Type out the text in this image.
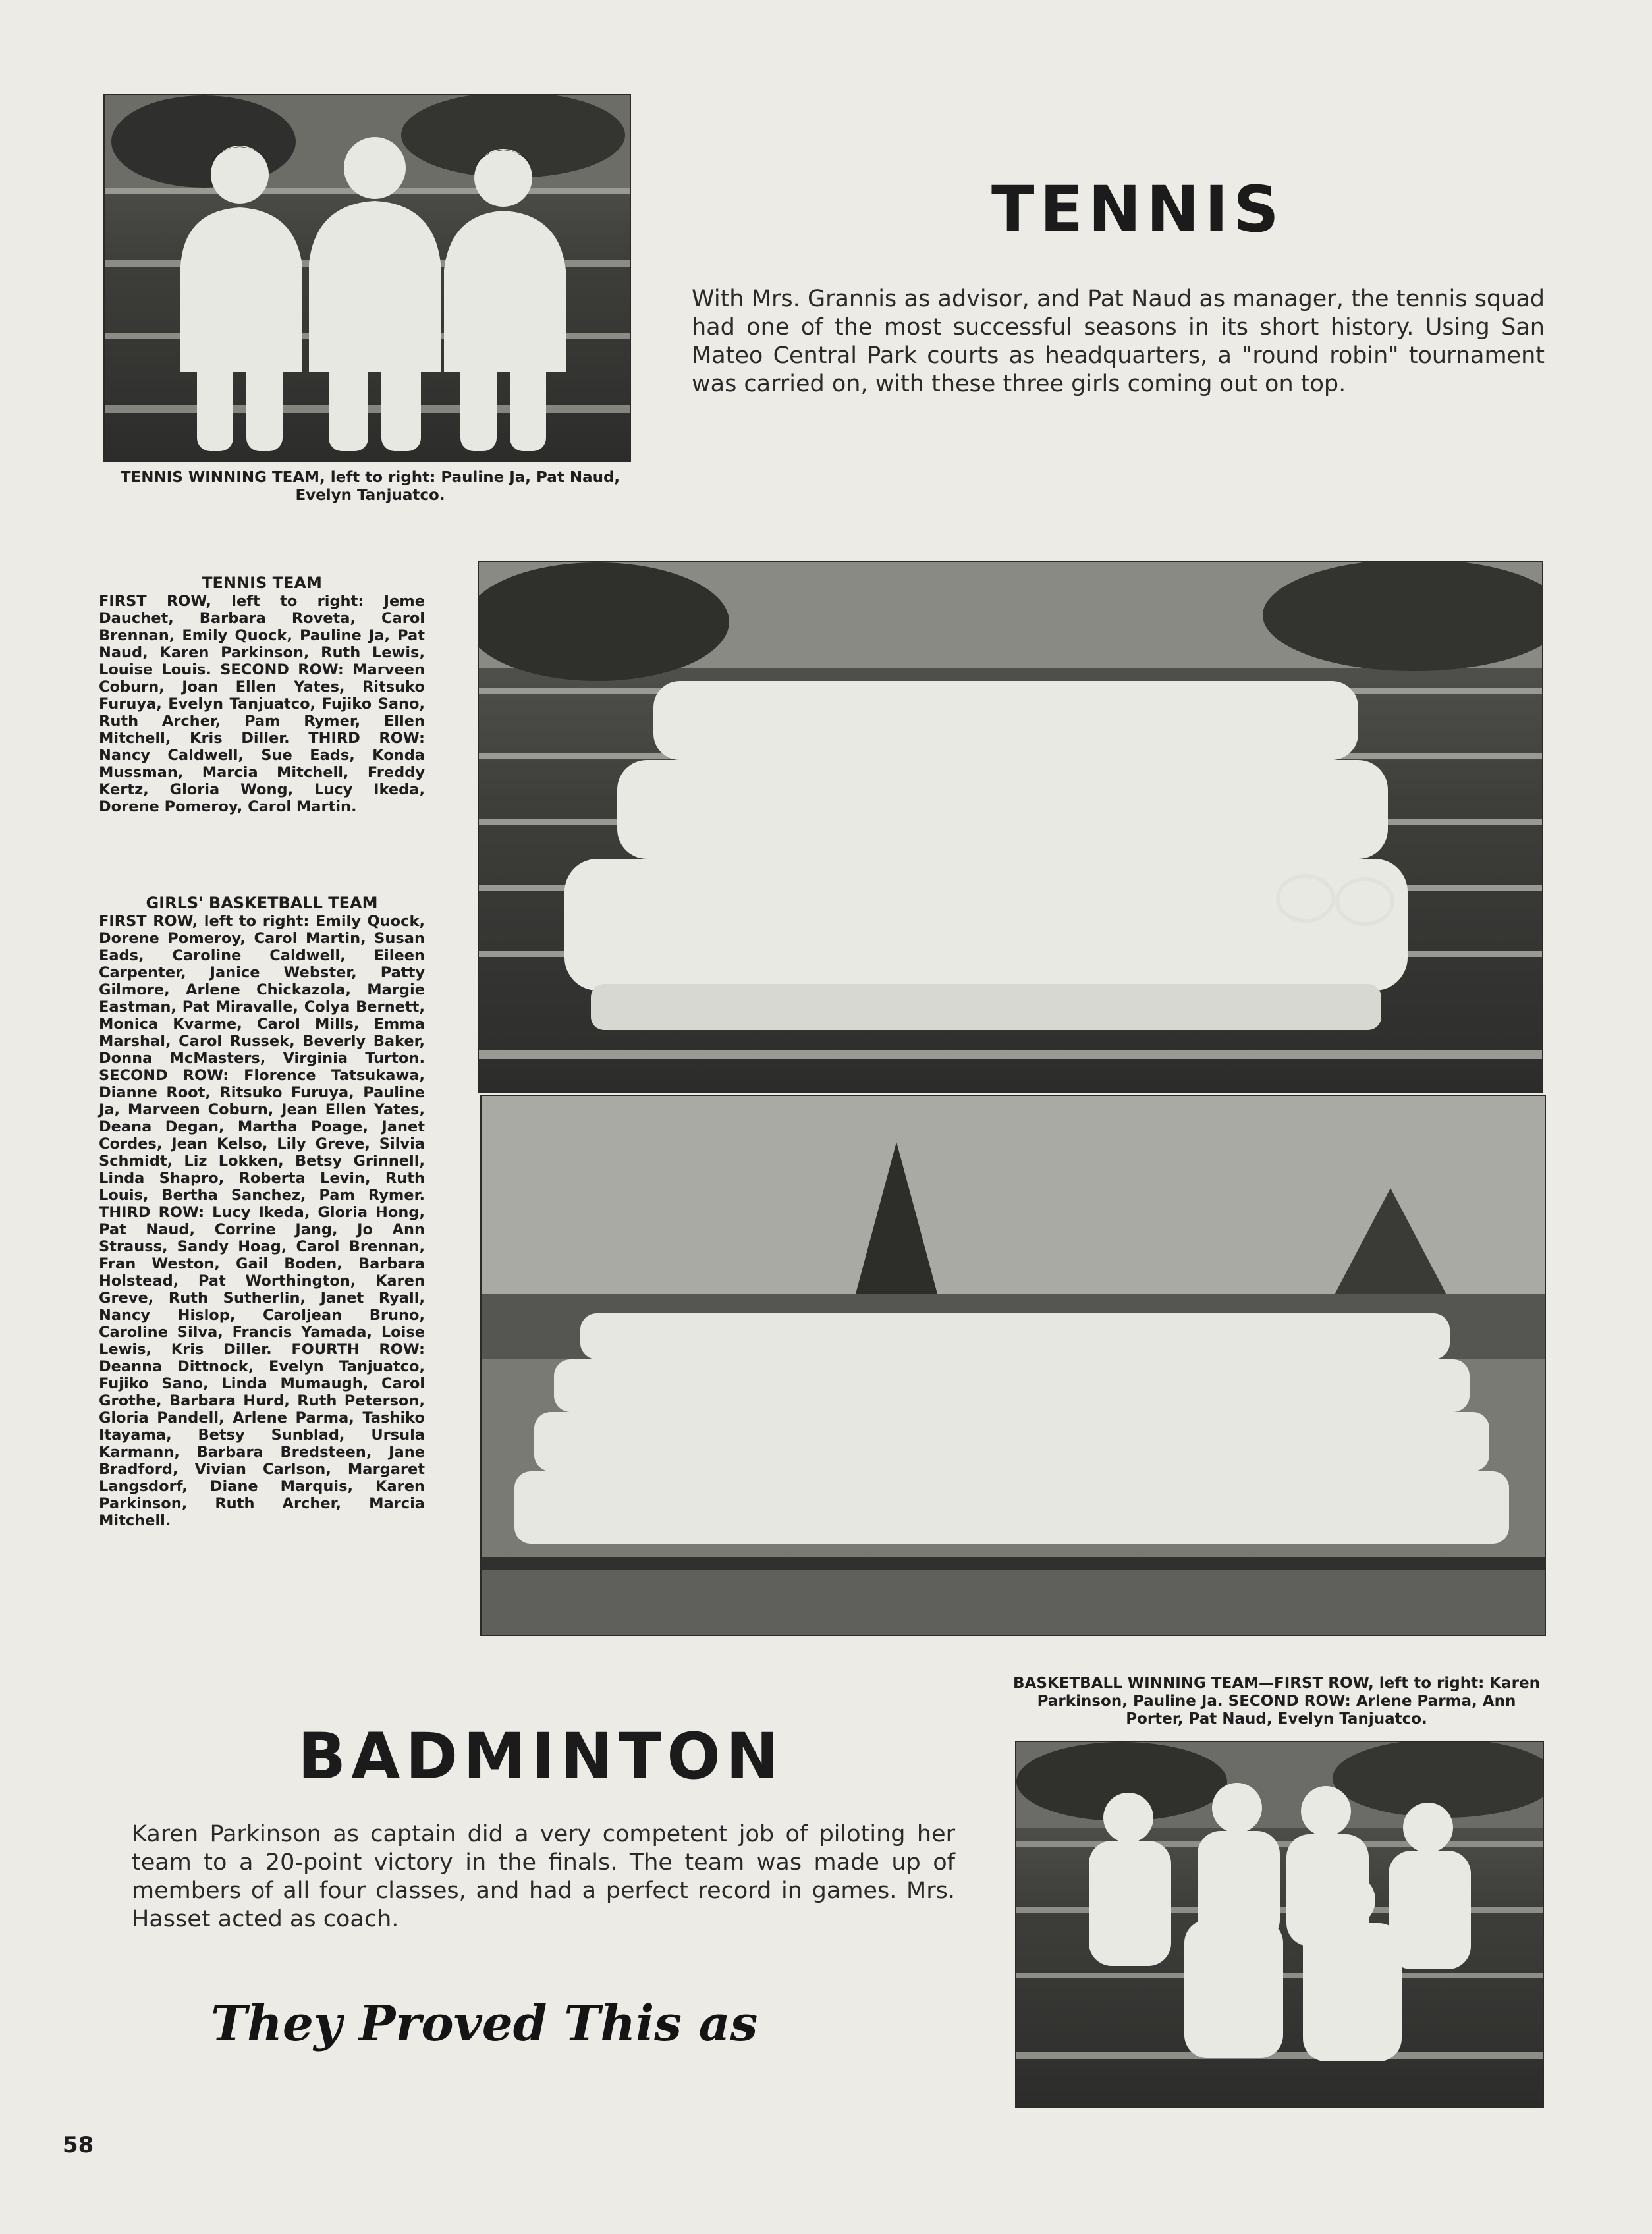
TENNIS WINNING TEAM, left to right: Pauline Ja, Pat Naud, Evelyn Tanjuatco.

TENNIS

With Mrs. Grannis as advisor, and Pat Naud as manager, the tennis squad had one of the most successful seasons in its short history. Using San Mateo Central Park courts as headquarters, a "round robin" tournament was carried on, with these three girls coming out on top.

TENNIS TEAM

FIRST ROW, left to right: Jeme Dauchet, Barbara Roveta, Carol Brennan, Emily Quock, Pauline Ja, Pat Naud, Karen Parkinson, Ruth Lewis, Louise Louis. SECOND ROW: Marveen Coburn, Joan Ellen Yates, Ritsuko Furuya, Evelyn Tanjuatco, Fujiko Sano, Ruth Archer, Pam Rymer, Ellen Mitchell, Kris Diller. THIRD ROW: Nancy Caldwell, Sue Eads, Konda Mussman, Marcia Mitchell, Freddy Kertz, Gloria Wong, Lucy Ikeda, Dorene Pomeroy, Carol Martin.

GIRLS' BASKETBALL TEAM

FIRST ROW, left to right: Emily Quock, Dorene Pomeroy, Carol Martin, Susan Eads, Caroline Caldwell, Eileen Carpenter, Janice Webster, Patty Gilmore, Arlene Chickazola, Margie Eastman, Pat Miravalle, Colya Bernett, Monica Kvarme, Carol Mills, Emma Marshal, Carol Russek, Beverly Baker, Donna McMasters, Virginia Turton. SECOND ROW: Florence Tatsukawa, Dianne Root, Ritsuko Furuya, Pauline Ja, Marveen Coburn, Jean Ellen Yates, Deana Degan, Martha Poage, Janet Cordes, Jean Kelso, Lily Greve, Silvia Schmidt, Liz Lokken, Betsy Grinnell, Linda Shapro, Roberta Levin, Ruth Louis, Bertha Sanchez, Pam Rymer. THIRD ROW: Lucy Ikeda, Gloria Hong, Pat Naud, Corrine Jang, Jo Ann Strauss, Sandy Hoag, Carol Brennan, Fran Weston, Gail Boden, Barbara Holstead, Pat Worthington, Karen Greve, Ruth Sutherlin, Janet Ryall, Nancy Hislop, Caroljean Bruno, Caroline Silva, Francis Yamada, Loise Lewis, Kris Diller. FOURTH ROW: Deanna Dittnock, Evelyn Tanjuatco, Fujiko Sano, Linda Mumaugh, Carol Grothe, Barbara Hurd, Ruth Peterson, Gloria Pandell, Arlene Parma, Tashiko Itayama, Betsy Sunblad, Ursula Karmann, Barbara Bredsteen, Jane Bradford, Vivian Carlson, Margaret Langsdorf, Diane Marquis, Karen Parkinson, Ruth Archer, Marcia Mitchell.

BASKETBALL WINNING TEAM—FIRST ROW, left to right: Karen Parkinson, Pauline Ja. SECOND ROW: Arlene Parma, Ann Porter, Pat Naud, Evelyn Tanjuatco.

BADMINTON

Karen Parkinson as captain did a very competent job of piloting her team to a 20-point victory in the finals. The team was made up of members of all four classes, and had a perfect record in games. Mrs. Hasset acted as coach.

They Proved This as

58
